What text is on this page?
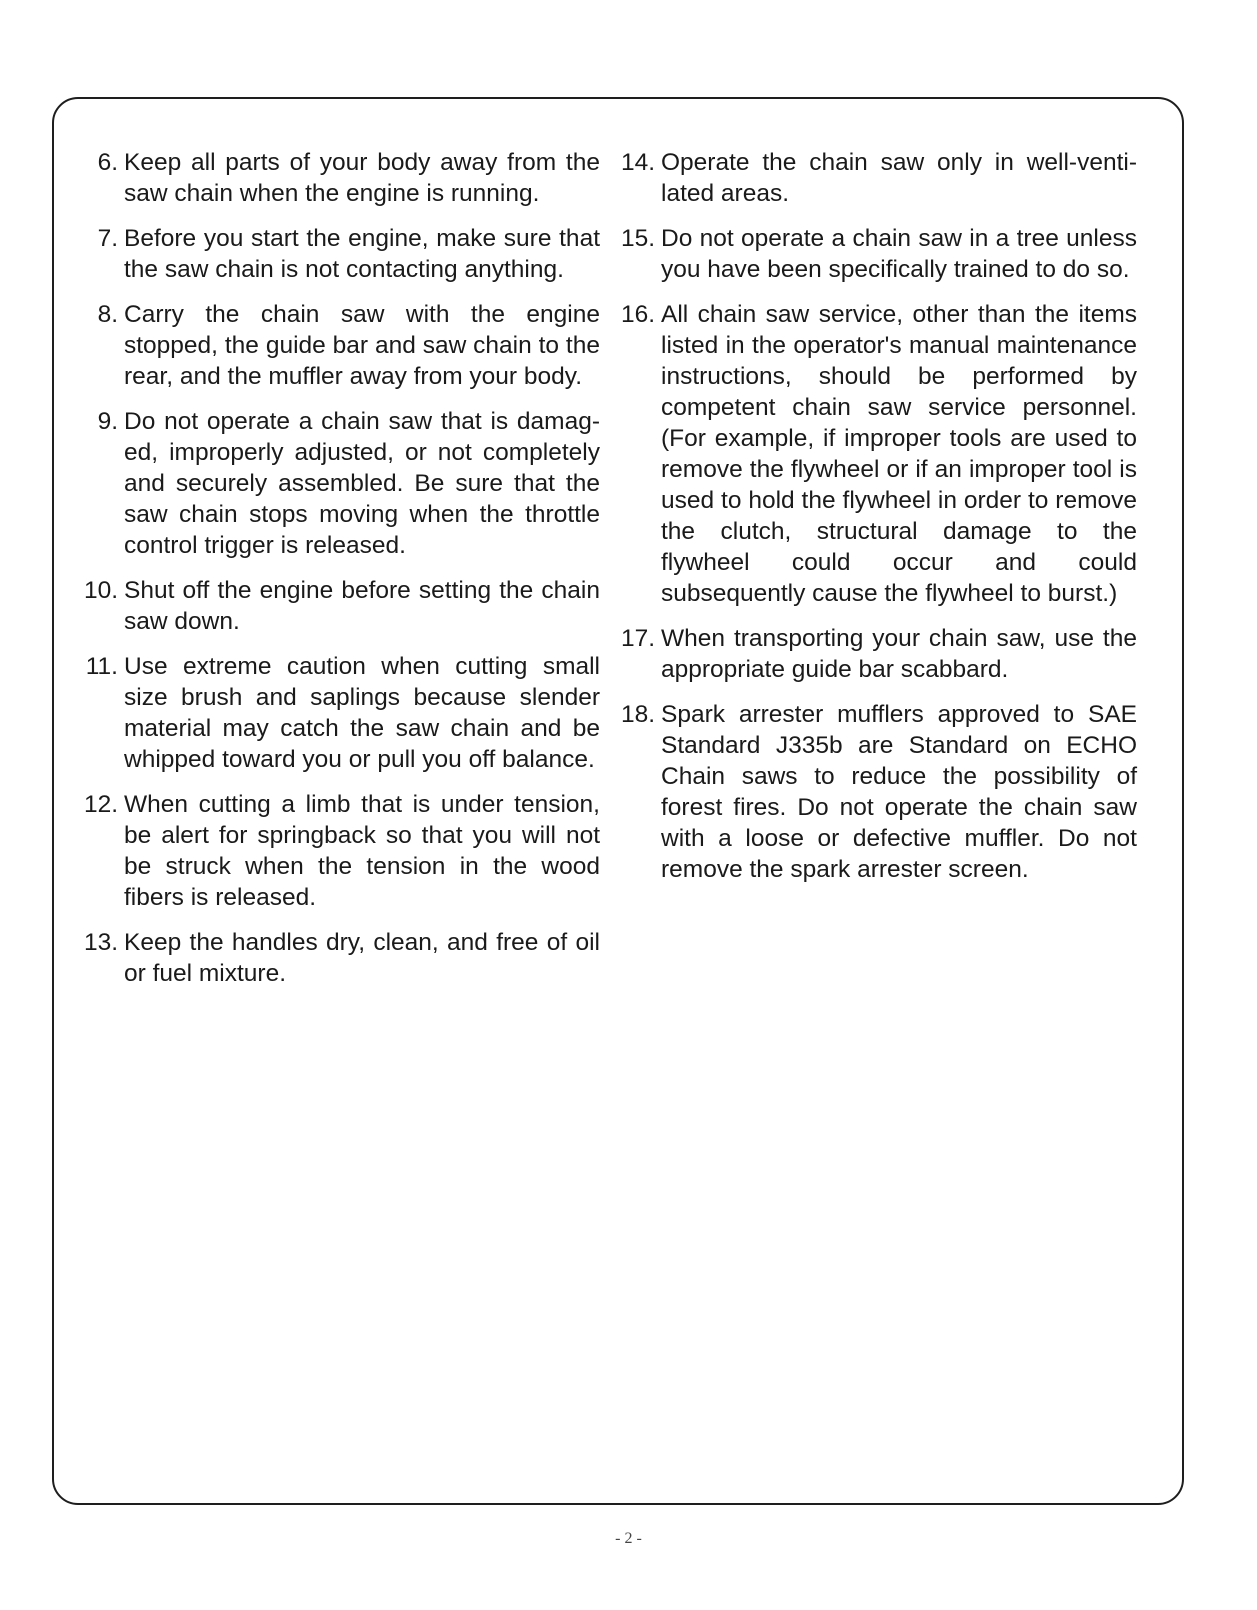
6. Keep all parts of your body away from the saw chain when the engine is running.
7. Before you start the engine, make sure that the saw chain is not contacting anything.
8. Carry the chain saw with the engine stopped, the guide bar and saw chain to the rear, and the muffler away from your body.
9. Do not operate a chain saw that is damaged, improperly adjusted, or not completely and securely assembled. Be sure that the saw chain stops moving when the throttle control trigger is released.
10. Shut off the engine before setting the chain saw down.
11. Use extreme caution when cutting small size brush and saplings because slender material may catch the saw chain and be whipped toward you or pull you off balance.
12. When cutting a limb that is under tension, be alert for springback so that you will not be struck when the tension in the wood fibers is released.
13. Keep the handles dry, clean, and free of oil or fuel mixture.
14. Operate the chain saw only in well-ventilated areas.
15. Do not operate a chain saw in a tree unless you have been specifically trained to do so.
16. All chain saw service, other than the items listed in the operator's manual maintenance instructions, should be performed by competent chain saw service personnel. (For example, if improper tools are used to remove the flywheel or if an improper tool is used to hold the flywheel in order to remove the clutch, structural damage to the flywheel could occur and could subsequently cause the flywheel to burst.)
17. When transporting your chain saw, use the appropriate guide bar scabbard.
18. Spark arrester mufflers approved to SAE Standard J335b are Standard on ECHO Chain saws to reduce the possibility of forest fires. Do not operate the chain saw with a loose or defective muffler. Do not remove the spark arrester screen.
- 2 -
